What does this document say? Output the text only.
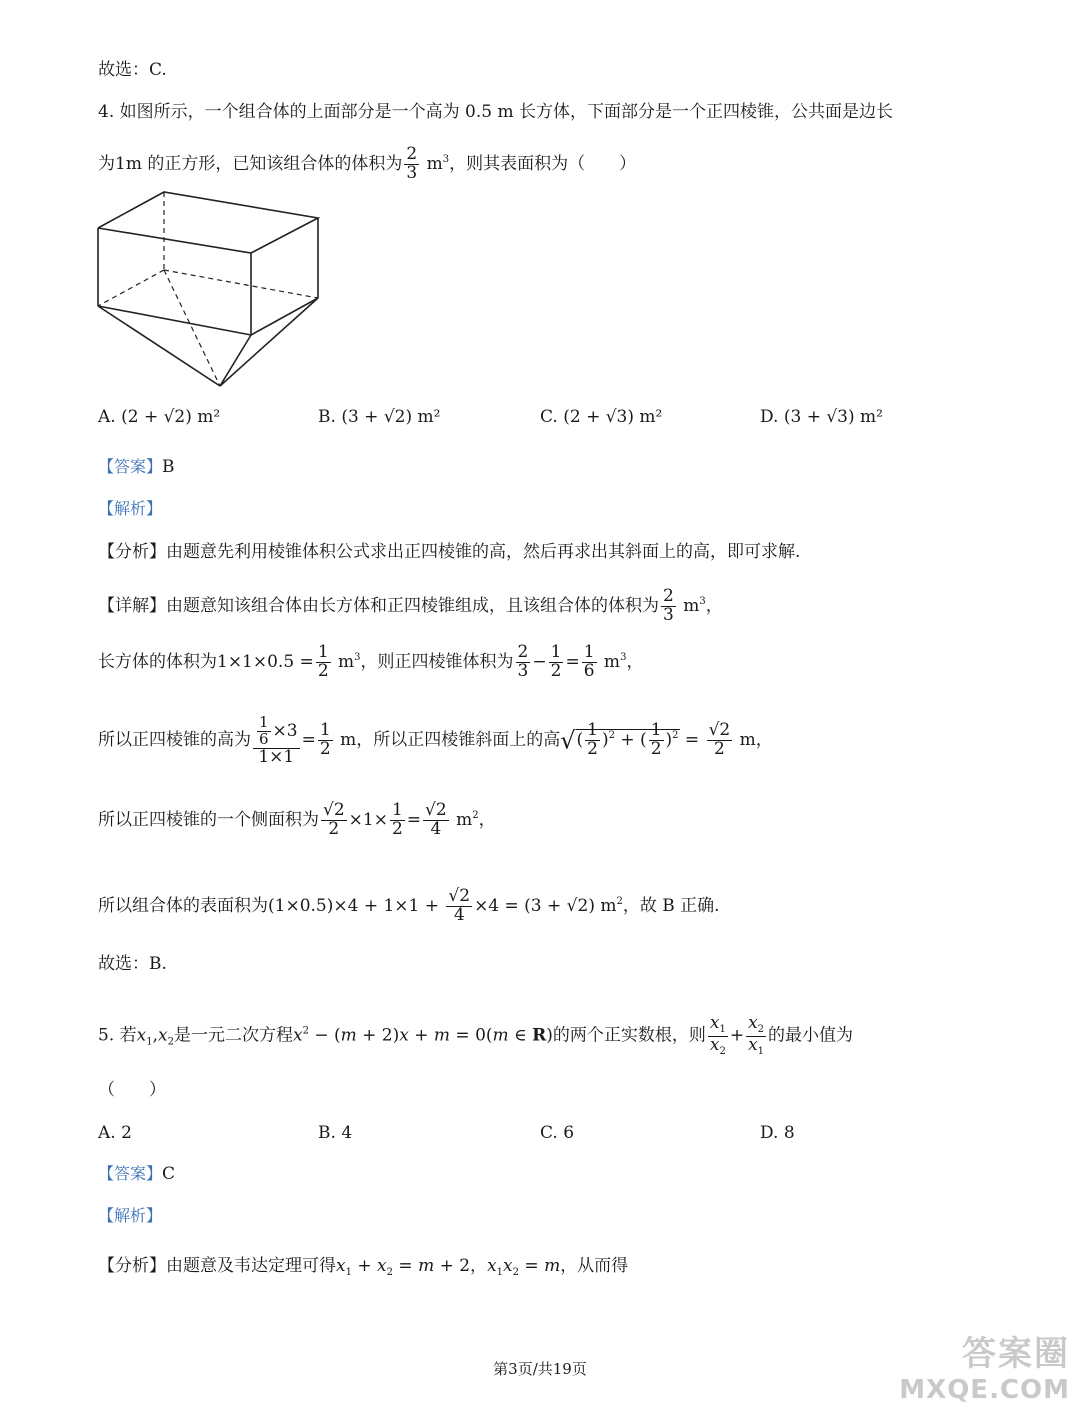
故选：C.
4. 如图所示，一个组合体的上面部分是一个高为 0.5 m 长方体，下面部分是一个正四棱锥，公共面是边长
为1m 的正方形，已知该组合体的体积为 $\frac{2}{3} m^3$，则其表面积为（　　）
A. (2 + √2) m²	B. (3 + √2) m²	C. (2 + √3) m²	D. (3 + √3) m²
【答案】B
【解析】
【分析】由题意先利用棱锥体积公式求出正四棱锥的高，然后再求出其斜面上的高，即可求解.
【详解】由题意知该组合体由长方体和正四棱锥组成，且该组合体的体积为 $\frac{2}{3} m^3$，
长方体的体积为$1\times 1\times 0.5 = \frac{1}{2} m^3$，则正四棱锥体积为 $\frac{2}{3} - \frac{1}{2} = \frac{1}{6} m^3$，
所以正四棱锥的高为 $\frac{\frac{1}{6} \times 3}{1\times 1} = \frac{1}{2}$ m，所以正四棱锥斜面上的高√( $\frac{1}{2} )^2$ + ( $\frac{1}{2} )^2 = \frac{√2}{2}$ m，
所以正四棱锥的一个侧面积为 $\frac{√2}{2} \times 1\times \frac{1}{2} = \frac{√2}{4} m^2$，
所以组合体的表面积为$(1\times 0.5)\times 4 + 1\times 1 + \frac{√2}{4} \times 4 = (3 + √2)$ $m^2$，故 B 正确.
故选：B.
5. 若$x_1,x_2$是一元二次方程$x^2 - (m + 2)x + m = 0(m$ ∈ R)的两个正实数根，则 $\frac{x_1}{x_2} + \frac{x_2}{x_1}$ 的最小值为
（　　）
A. 2	B. 4	C. 6	D. 8
【答案】C
【解析】
【分析】由题意及韦达定理可得$x_1 + x_2 = m + 2$，$x_1x_2 = m$，从而得
第3页/共19页	答案圈
MXQE.COM
